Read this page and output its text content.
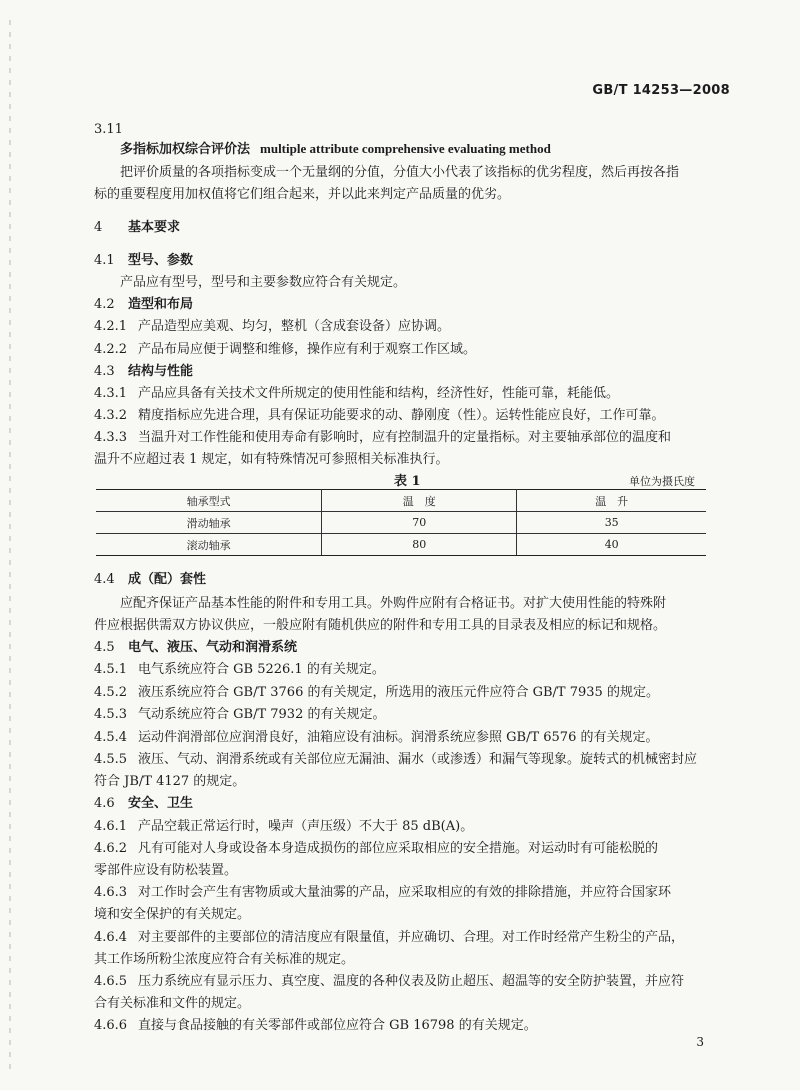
GB/T 14253—2008
3.11
多指标加权综合评价法 multiple attribute comprehensive evaluating method
把评价质量的各项指标变成一个无量纲的分值，分值大小代表了该指标的优劣程度，然后再按各指
标的重要程度用加权值将它们组合起来，并以此来判定产品质量的优劣。
4 基本要求
4.1 型号、参数
产品应有型号，型号和主要参数应符合有关规定。
4.2 造型和布局
4.2.1 产品造型应美观、均匀，整机（含成套设备）应协调。
4.2.2 产品布局应便于调整和维修，操作应有利于观察工作区域。
4.3 结构与性能
4.3.1 产品应具备有关技术文件所规定的使用性能和结构，经济性好，性能可靠，耗能低。
4.3.2 精度指标应先进合理，具有保证功能要求的动、静刚度（性）。运转性能应良好，工作可靠。
4.3.3 当温升对工作性能和使用寿命有影响时，应有控制温升的定量指标。对主要轴承部位的温度和
温升不应超过表 1 规定，如有特殊情况可参照相关标准执行。
表 1	单位为摄氏度
轴承型式	温　度	温　升
滑动轴承	70	35
滚动轴承	80	40
4.4 成（配）套性
应配齐保证产品基本性能的附件和专用工具。外购件应附有合格证书。对扩大使用性能的特殊附
件应根据供需双方协议供应，一般应附有随机供应的附件和专用工具的目录表及相应的标记和规格。
4.5 电气、液压、气动和润滑系统
4.5.1 电气系统应符合 GB 5226.1 的有关规定。
4.5.2 液压系统应符合 GB/T 3766 的有关规定，所选用的液压元件应符合 GB/T 7935 的规定。
4.5.3 气动系统应符合 GB/T 7932 的有关规定。
4.5.4 运动件润滑部位应润滑良好，油箱应设有油标。润滑系统应参照 GB/T 6576 的有关规定。
4.5.5 液压、气动、润滑系统或有关部位应无漏油、漏水（或渗透）和漏气等现象。旋转式的机械密封应
符合 JB/T 4127 的规定。
4.6 安全、卫生
4.6.1 产品空载正常运行时，噪声（声压级）不大于 85 dB(A)。
4.6.2 凡有可能对人身或设备本身造成损伤的部位应采取相应的安全措施。对运动时有可能松脱的
零部件应设有防松装置。
4.6.3 对工作时会产生有害物质或大量油雾的产品，应采取相应的有效的排除措施，并应符合国家环
境和安全保护的有关规定。
4.6.4 对主要部件的主要部位的清洁度应有限量值，并应确切、合理。对工作时经常产生粉尘的产品，
其工作场所粉尘浓度应符合有关标准的规定。
4.6.5 压力系统应有显示压力、真空度、温度的各种仪表及防止超压、超温等的安全防护装置，并应符
合有关标准和文件的规定。
4.6.6 直接与食品接触的有关零部件或部位应符合 GB 16798 的有关规定。
3
